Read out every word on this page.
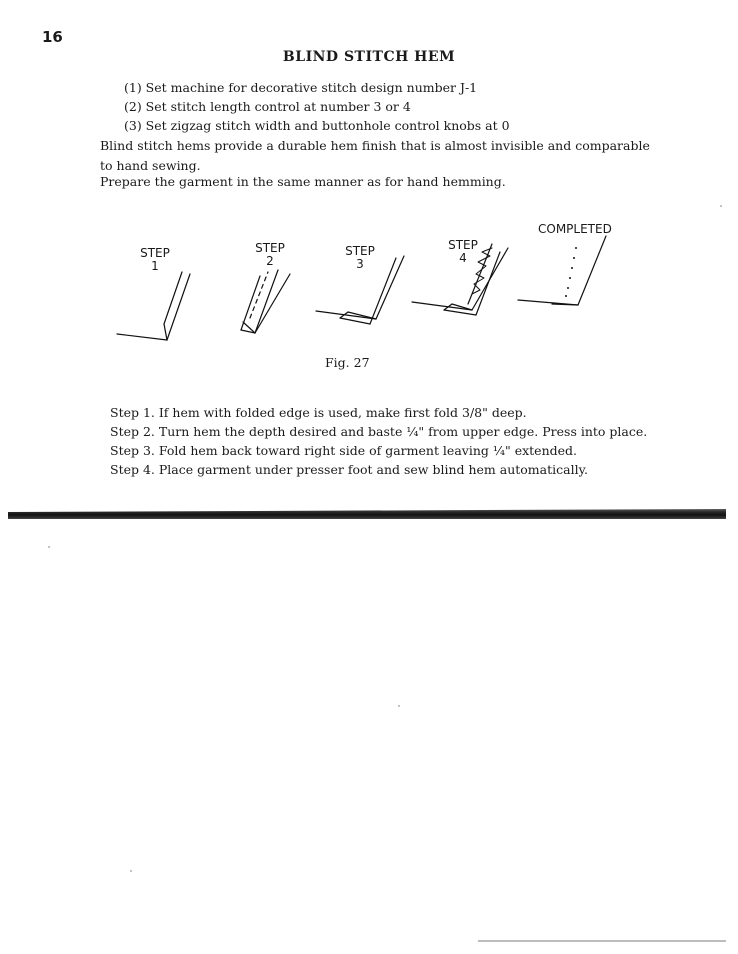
16
BLIND STITCH HEM
(1) Set machine for decorative stitch design number J-1
(2) Set stitch length control at number 3 or 4
(3) Set zigzag stitch width and buttonhole control knobs at 0
Blind stitch hems provide a durable hem finish that is almost invisible and comparable
to hand sewing.
Prepare the garment in the same manner as for hand hemming.
STEP
1
STEP
2
STEP
3
STEP
4
COMPLETED
Fig. 27
Step 1. If hem with folded edge is used, make first fold 3/8" deep.
Step 2. Turn hem the depth desired and baste ¼" from upper edge. Press into place.
Step 3. Fold hem back toward right side of garment leaving ¼" extended.
Step 4. Place garment under presser foot and sew blind hem automatically.
